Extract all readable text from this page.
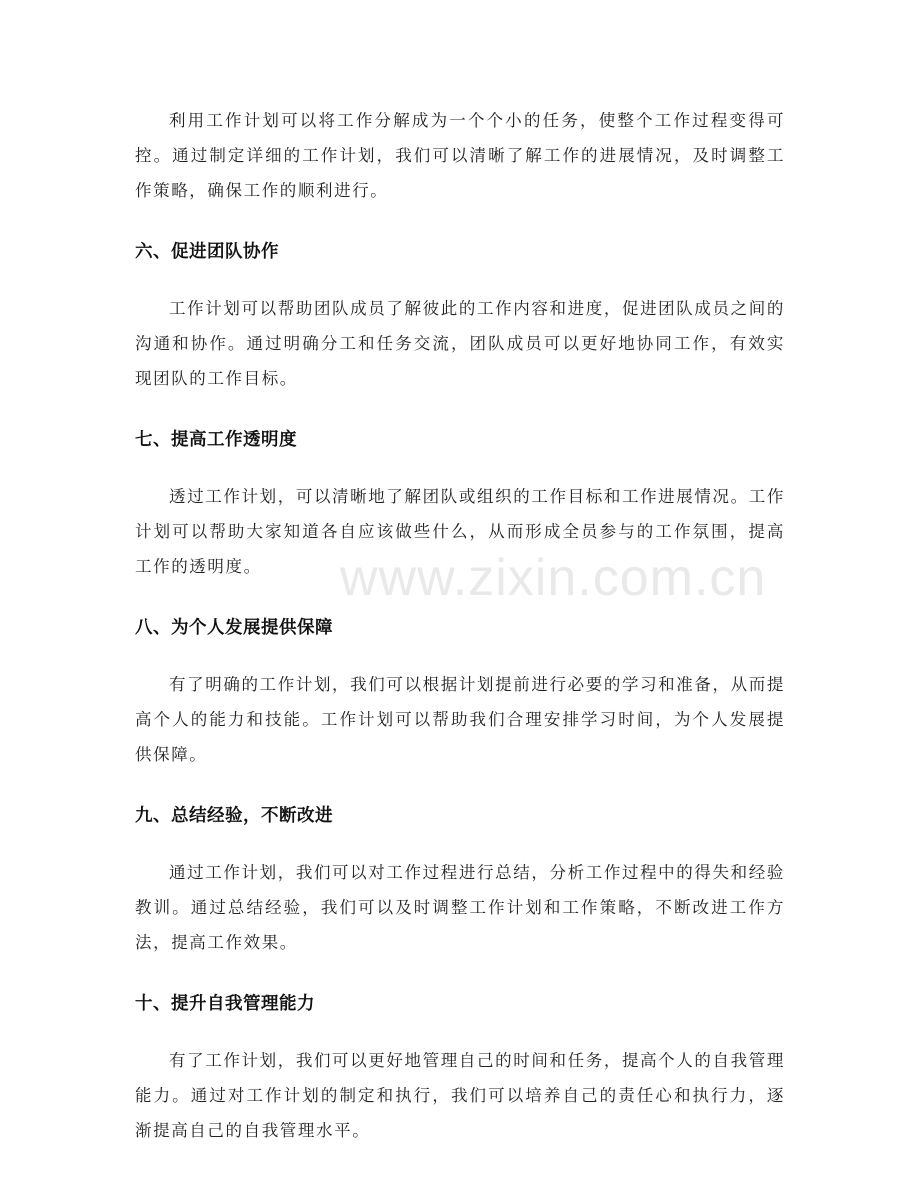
利用工作计划可以将工作分解成为一个个小的任务，使整个工作过程变得可控。通过制定详细的工作计划，我们可以清晰了解工作的进展情况，及时调整工作策略，确保工作的顺利进行。

六、促进团队协作

工作计划可以帮助团队成员了解彼此的工作内容和进度，促进团队成员之间的沟通和协作。通过明确分工和任务交流，团队成员可以更好地协同工作，有效实现团队的工作目标。

七、提高工作透明度

透过工作计划，可以清晰地了解团队或组织的工作目标和工作进展情况。工作计划可以帮助大家知道各自应该做些什么，从而形成全员参与的工作氛围，提高工作的透明度。

八、为个人发展提供保障

有了明确的工作计划，我们可以根据计划提前进行必要的学习和准备，从而提高个人的能力和技能。工作计划可以帮助我们合理安排学习时间，为个人发展提供保障。

九、总结经验，不断改进

通过工作计划，我们可以对工作过程进行总结，分析工作过程中的得失和经验教训。通过总结经验，我们可以及时调整工作计划和工作策略，不断改进工作方法，提高工作效果。

十、提升自我管理能力

有了工作计划，我们可以更好地管理自己的时间和任务，提高个人的自我管理能力。通过对工作计划的制定和执行，我们可以培养自己的责任心和执行力，逐渐提高自己的自我管理水平。

www.zixin.com.cn
